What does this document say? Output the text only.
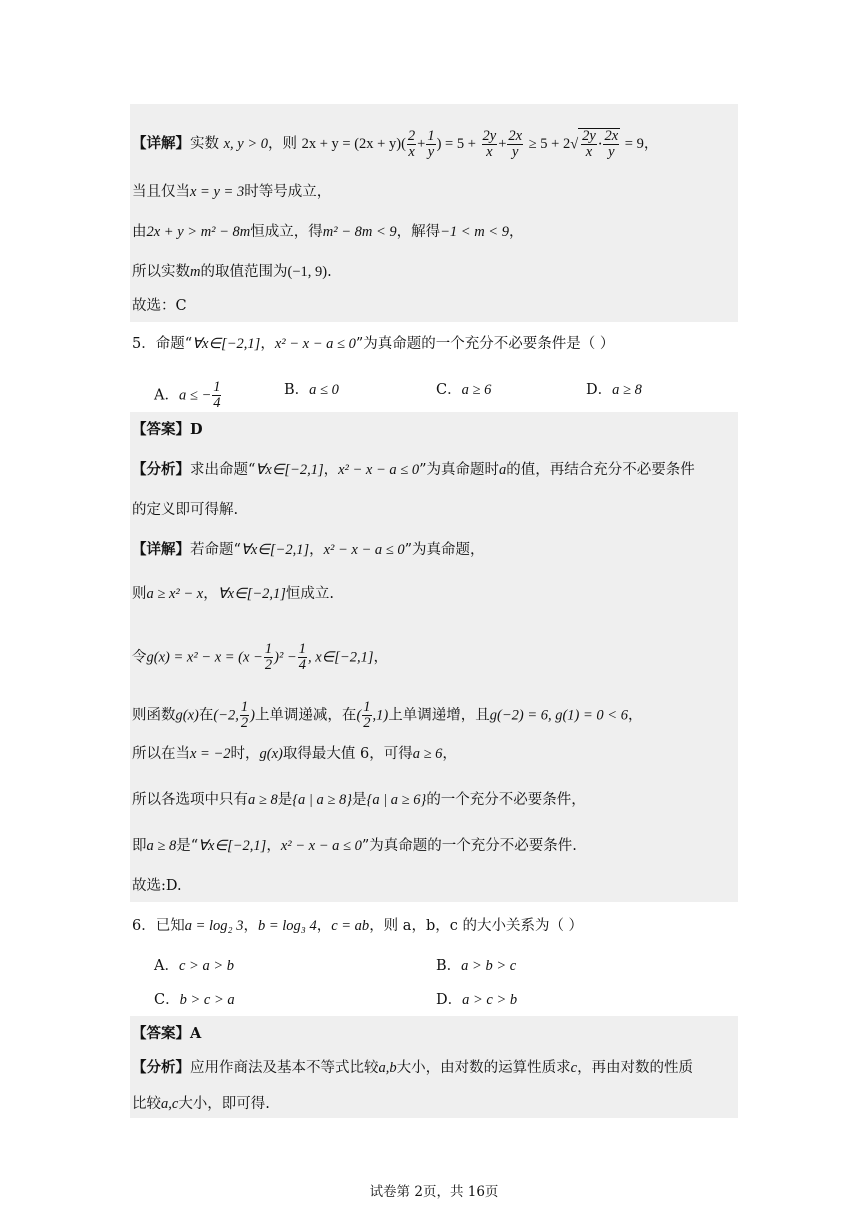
【详解】实数 x, y > 0，则 $2x + y = (2x + y)( \frac{2}{x} + \frac{1}{y}$ ) = $5 + \frac{2y}{x} + \frac{2x}{y} \ge 5 + 2√ \frac{2y}{x} \cdot \frac{2x}{y} = 9$，
当且仅当x = y = 3时等号成立，
由2x + y > m² − 8m恒成立，得m² − 8m < 9，解得−1 < m < 9，
所以实数m的取值范围为(−1, 9).
故选：C
5．命题“∀x∈[−2,1]，x² − x − a ≤ 0”为真命题的一个充分不必要条件是（ ）
A．a ≤ − $\frac{1}{4}$	B．a ≤ 0	C．a ≥ 6	D．a ≥ 8
【答案】D
【分析】求出命题“∀x∈[−2,1]，x² − x − a ≤ 0”为真命题时a的值，再结合充分不必要条件
的定义即可得解.
【详解】若命题“∀x∈[−2,1]，x² − x − a ≤ 0”为真命题，
则a ≥ x² − x，∀x∈[−2,1]恒成立.
令$g(x) = x^2 - x = (x - \frac{1}{2} )^2 - \frac{1}{4}$ , x∈[−2,1]，
则函数g(x)在(−2, $\frac{1}{2}$ )上单调递减，在( $\frac{1}{2} ,1$)上单调递增，且g(−2) = 6, g(1) = 0 < 6，
所以在当x = −2时，g(x)取得最大值 6，可得a ≥ 6，
所以各选项中只有a ≥ 8是{a | a ≥ 8}是{a | a ≥ 6}的一个充分不必要条件，
即a ≥ 8是“∀x∈[−2,1]，x² − x − a ≤ 0”为真命题的一个充分不必要条件.
故选:D.
6．已知a = log₂ 3，b = log₃ 4，c = ab，则 a，b，c 的大小关系为（ ）
A．c > a > b	B．a > b > c
C．b > c > a	D．a > c > b
【答案】A
【分析】应用作商法及基本不等式比较a,b大小，由对数的运算性质求c，再由对数的性质
比较a,c大小，即可得.
试卷第 2页，共 16页
